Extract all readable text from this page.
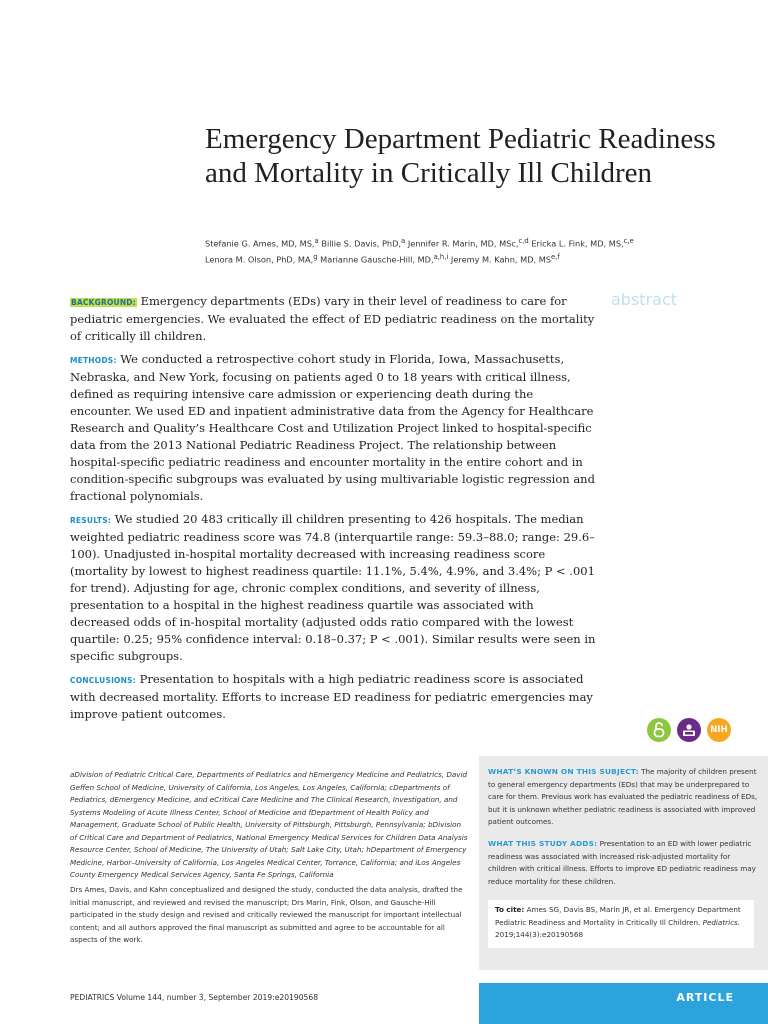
Emergency Department Pediatric Readiness and Mortality in Critically Ill Children
Stefanie G. Ames, MD, MS,$^a$ Billie S. Davis, PhD,$^a$ Jennifer R. Marin, MD, MSc,$^{c,d}$ Ericka L. Fink, MD, MS,$^{c,e}$
Lenora M. Olson, PhD, MA,$^g$ Marianne Gausche-Hill, MD,$^{a,h,i}$ Jeremy M. Kahn, MD, MS$^{e,f}$
abstract

BACKGROUND: Emergency departments (EDs) vary in their level of readiness to care for pediatric emergencies. We evaluated the effect of ED pediatric readiness on the mortality of critically ill children.

METHODS: We conducted a retrospective cohort study in Florida, Iowa, Massachusetts, Nebraska, and New York, focusing on patients aged 0 to 18 years with critical illness, defined as requiring intensive care admission or experiencing death during the encounter. We used ED and inpatient administrative data from the Agency for Healthcare Research and Quality’s Healthcare Cost and Utilization Project linked to hospital-specific data from the 2013 National Pediatric Readiness Project. The relationship between hospital-specific pediatric readiness and encounter mortality in the entire cohort and in condition-specific subgroups was evaluated by using multivariable logistic regression and fractional polynomials.

RESULTS: We studied 20 483 critically ill children presenting to 426 hospitals. The median weighted pediatric readiness score was 74.8 (interquartile range: 59.3–88.0; range: 29.6–100). Unadjusted in-hospital mortality decreased with increasing readiness score (mortality by lowest to highest readiness quartile: 11.1%, 5.4%, 4.9%, and 3.4%; P < .001 for trend). Adjusting for age, chronic complex conditions, and severity of illness, presentation to a hospital in the highest readiness quartile was associated with decreased odds of in-hospital mortality (adjusted odds ratio compared with the lowest quartile: 0.25; 95% confidence interval: 0.18–0.37; P < .001). Similar results were seen in specific subgroups.

CONCLUSIONS: Presentation to hospitals with a high pediatric readiness score is associated with decreased mortality. Efforts to increase ED readiness for pediatric emergencies may improve patient outcomes.

NIH
aDivision of Pediatric Critical Care, Departments of Pediatrics and hEmergency Medicine and Pediatrics, David Geffen School of Medicine, University of California, Los Angeles, Los Angeles, California; cDepartments of Pediatrics, dEmergency Medicine, and eCritical Care Medicine and The Clinical Research, Investigation, and Systems Modeling of Acute Illness Center, School of Medicine and fDepartment of Health Policy and Management, Graduate School of Public Health, University of Pittsburgh, Pittsburgh, Pennsylvania; bDivision of Critical Care and Department of Pediatrics, National Emergency Medical Services for Children Data Analysis Resource Center, School of Medicine, The University of Utah; Salt Lake City, Utah; hDepartment of Emergency Medicine, Harbor–University of California, Los Angeles Medical Center, Torrance, California; and iLos Angeles County Emergency Medical Services Agency, Santa Fe Springs, California
Drs Ames, Davis, and Kahn conceptualized and designed the study, conducted the data analysis, drafted the initial manuscript, and reviewed and revised the manuscript; Drs Marin, Fink, Olson, and Gausche-Hill participated in the study design and revised and critically reviewed the manuscript for important intellectual content; and all authors approved the final manuscript as submitted and agree to be accountable for all aspects of the work.
WHAT’S KNOWN ON THIS SUBJECT: The majority of children present to general emergency departments (EDs) that may be underprepared to care for them. Previous work has evaluated the pediatric readiness of EDs, but it is unknown whether pediatric readiness is associated with improved patient outcomes.
WHAT THIS STUDY ADDS: Presentation to an ED with lower pediatric readiness was associated with increased risk-adjusted mortality for children with critical illness. Efforts to improve ED pediatric readiness may reduce mortality for these children.
To cite: Ames SG, Davis BS, Marin JR, et al. Emergency Department Pediatric Readiness and Mortality in Critically Ill Children. Pediatrics. 2019;144(3):e20190568
PEDIATRICS Volume 144, number 3, September 2019:e20190568	ARTICLE
